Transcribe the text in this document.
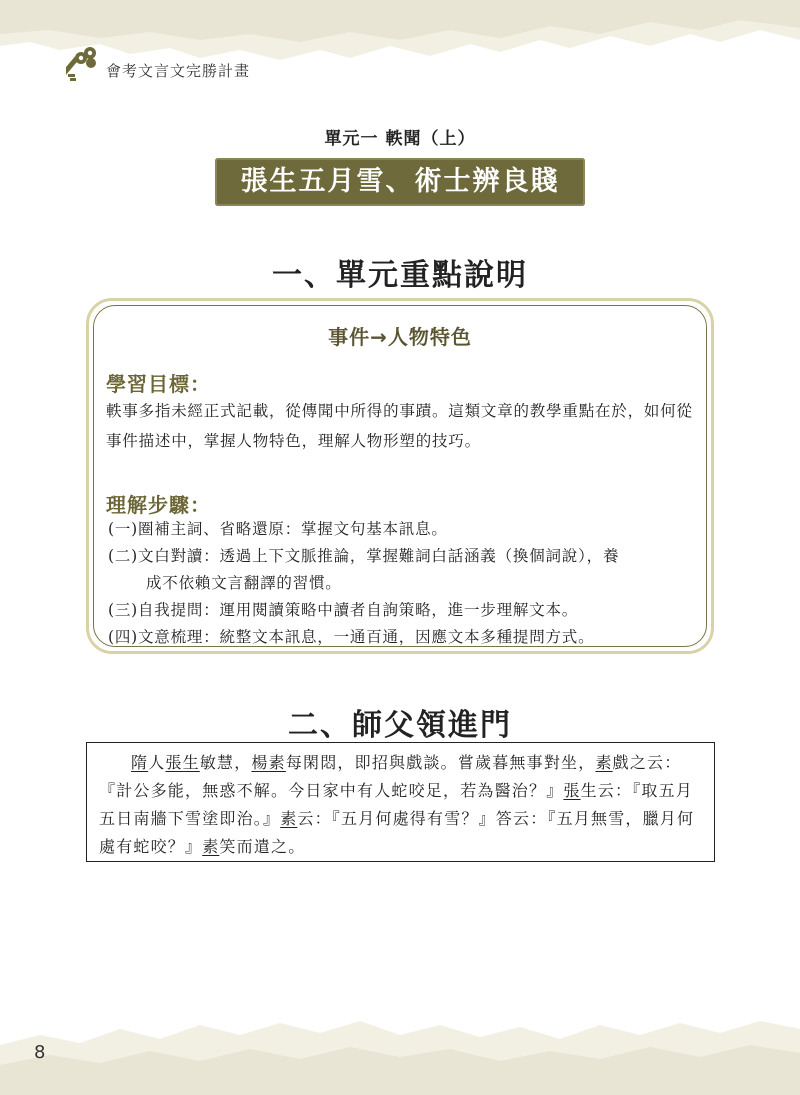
會考文言文完勝計畫
單元一 軼聞（上）
張生五月雪、術士辨良賤
一、單元重點說明
事件→人物特色
學習目標：
軼事多指未經正式記載，從傳聞中所得的事蹟。這類文章的教學重點在於，如何從事件描述中，掌握人物特色，理解人物形塑的技巧。
理解步驟：

(一)圈補主詞、省略還原：掌握文句基本訊息。

(二)文白對讀：透過上下文脈推論，掌握難詞白話涵義（換個詞說），養

成不依賴文言翻譯的習慣。

(三)自我提問：運用閱讀策略中讀者自詢策略，進一步理解文本。

(四)文意梳理：統整文本訊息，一通百通，因應文本多種提問方式。

二、師父領進門
隋人張生敏慧，楊素每閑悶，即招與戲談。嘗歲暮無事對坐，素戲之云：『計公多能，無惑不解。今日家中有人蛇咬足，若為醫治？』張生云：『取五月五日南牆下雪塗即治。』素云：『五月何處得有雪？』答云：『五月無雪，臘月何處有蛇咬？』素笑而遣之。
8
